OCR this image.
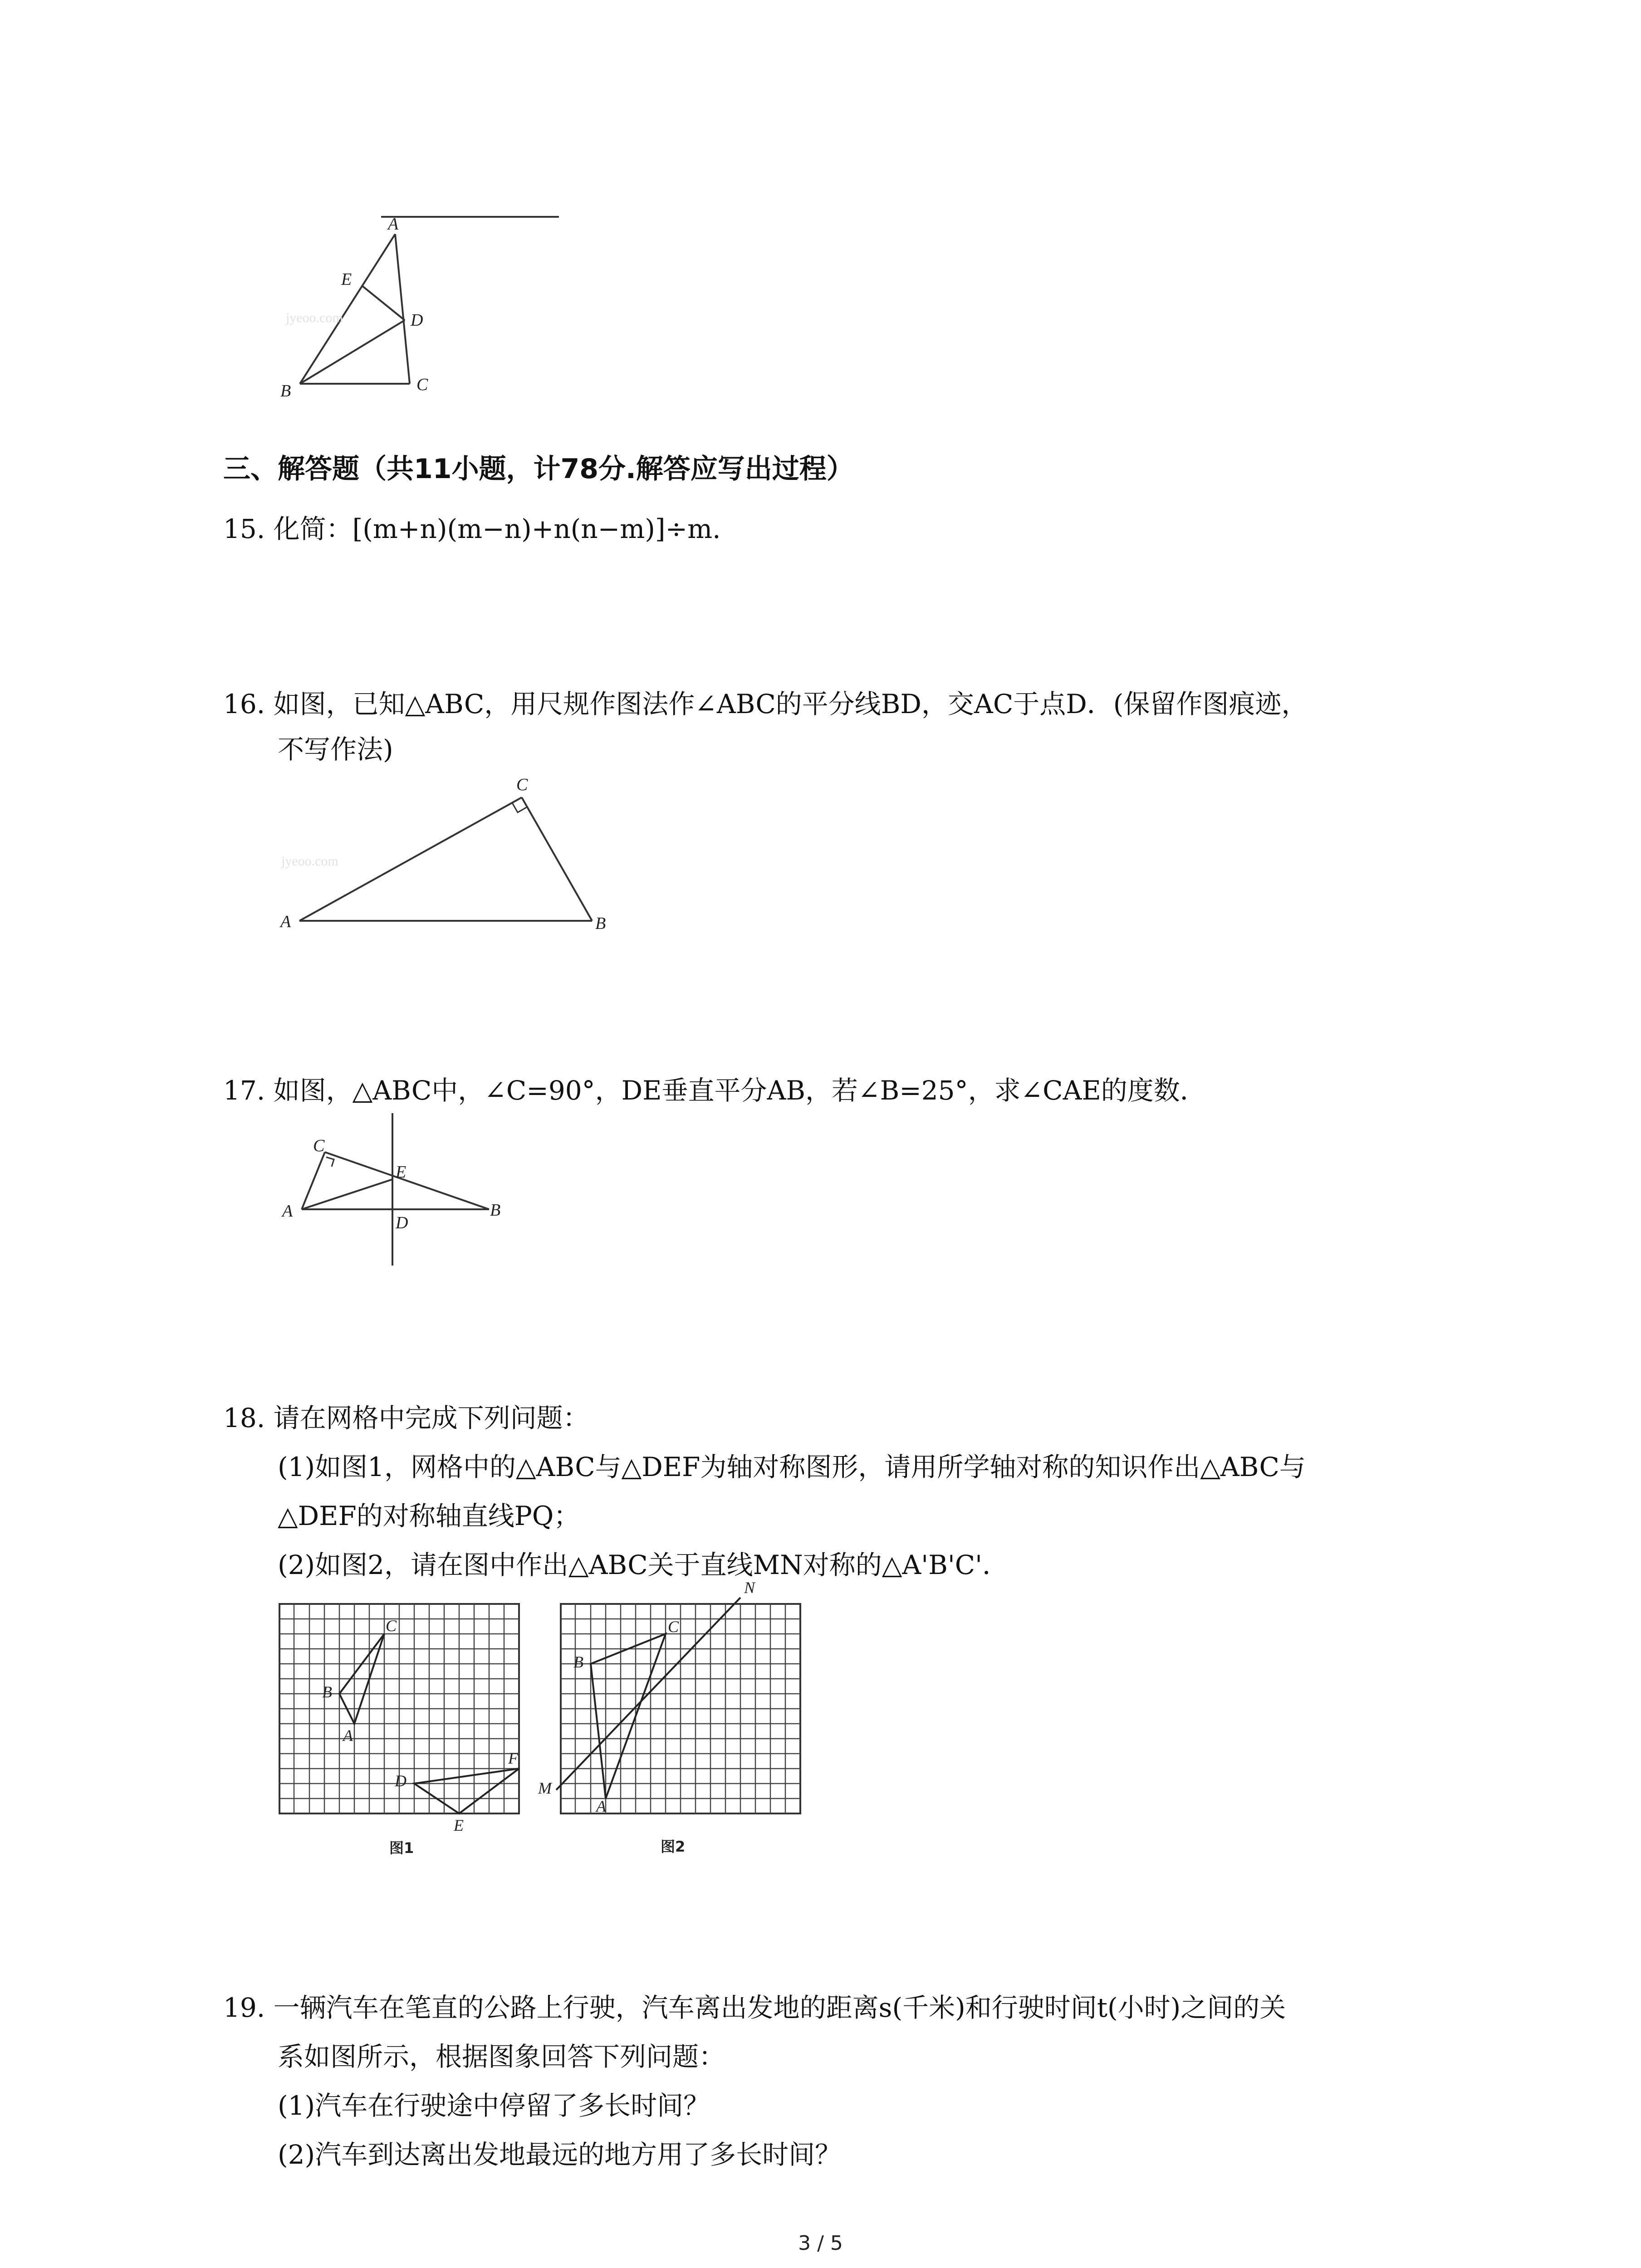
jyeoo.com
A
E
D
B	C
三、解答题（共11小题，计78分.解答应写出过程）
15. 化简：[(m+n)(m−n)+n(n−m)]÷m.
16. 如图，已知△ABC，用尺规作图法作∠ABC的平分线BD，交AC于点D．(保留作图痕迹，
不写作法)
jyeoo.com
C
A	B
17. 如图，△ABC中，∠C=90°，DE垂直平分AB，若∠B=25°，求∠CAE的度数．
C
E
A
D
B
18. 请在网格中完成下列问题：
(1)如图1，网格中的△ABC与△DEF为轴对称图形，请用所学轴对称的知识作出△ABC与
△DEF的对称轴直线PQ；
(2)如图2，请在图中作出△ABC关于直线MN对称的△A'B'C'．
C
B
A
D
F
E
图1
N
C
B
M
A
图2
19. 一辆汽车在笔直的公路上行驶，汽车离出发地的距离s(千米)和行驶时间t(小时)之间的关
系如图所示，根据图象回答下列问题：
(1)汽车在行驶途中停留了多长时间？
(2)汽车到达离出发地最远的地方用了多长时间？
3 / 5
